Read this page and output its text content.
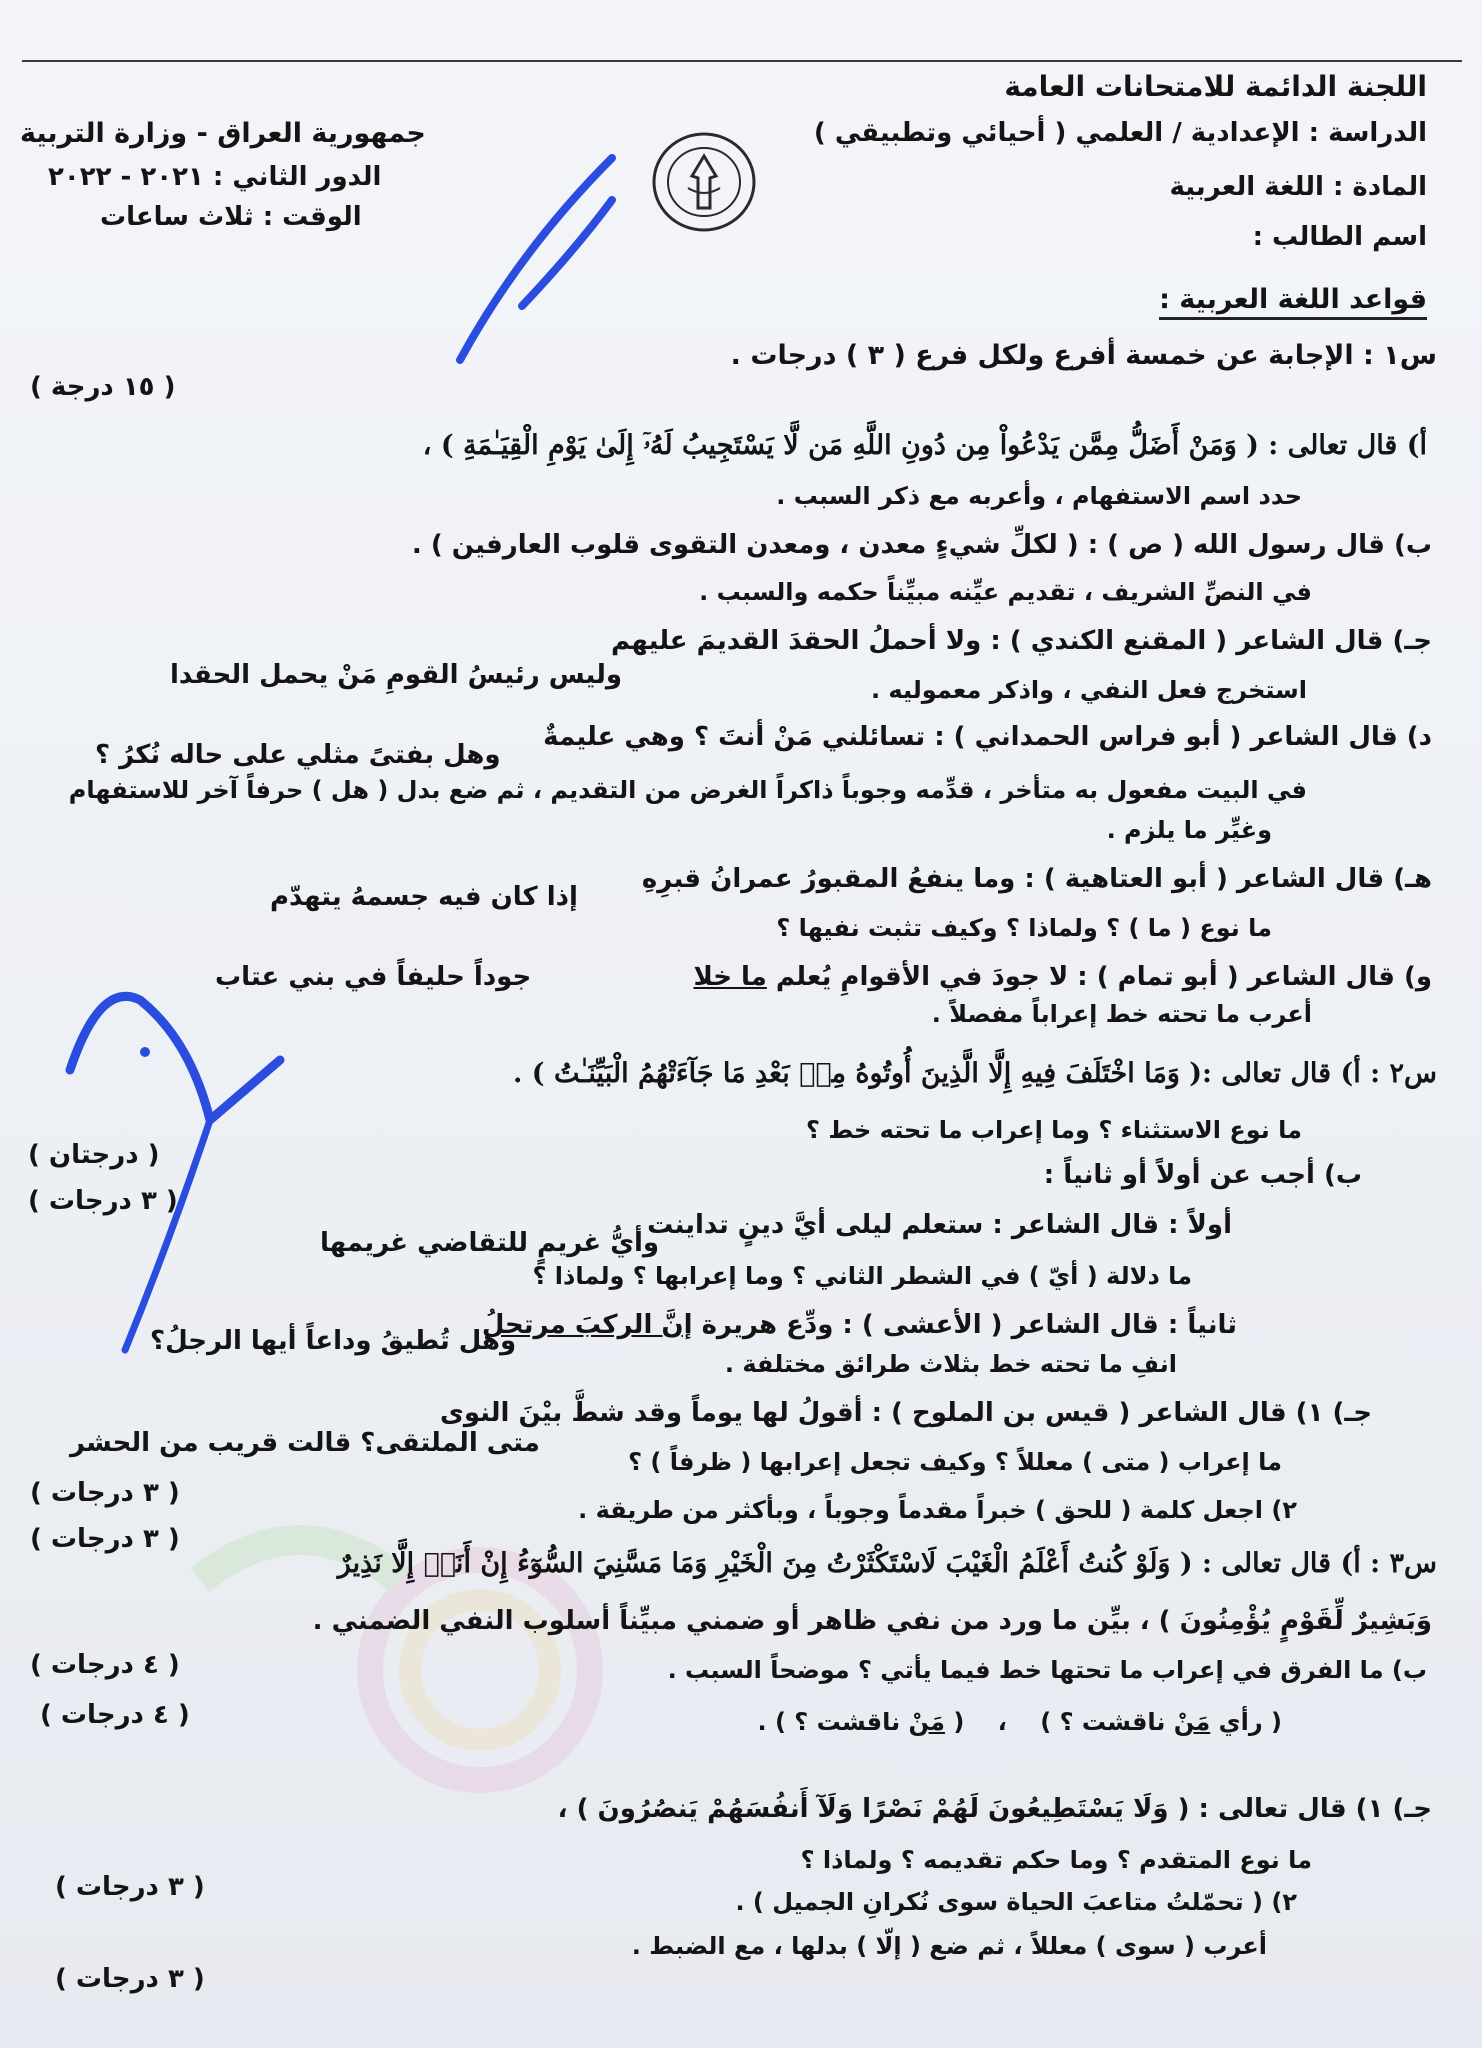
اللجنة الدائمة للامتحانات العامة
الدراسة : الإعدادية / العلمي ( أحيائي وتطبيقي )
المادة : اللغة العربية
اسم الطالب :
جمهورية العراق - وزارة التربية
الدور الثاني : ٢٠٢١ - ٢٠٢٢
الوقت : ثلاث ساعات
قواعد اللغة العربية :
س١ : الإجابة عن خمسة أفرع ولكل فرع ( ٣ ) درجات .
( ١٥ درجة )
أ) قال تعالى : ( وَمَنْ أَضَلُّ مِمَّن يَدْعُواْ مِن دُونِ اللَّهِ مَن لَّا يَسْتَجِيبُ لَهُۥٓ إِلَىٰ يَوْمِ الْقِيَـٰمَةِ ) ،
حدد اسم الاستفهام ، وأعربه مع ذكر السبب .
ب) قال رسول الله ( ص ) : ( لكلِّ شيءٍ معدن ، ومعدن التقوى قلوب العارفين ) .
في النصِّ الشريف ، تقديم عيِّنه مبيِّناً حكمه والسبب .
جـ) قال الشاعر ( المقنع الكندي ) : ولا أحملُ الحقدَ القديمَ عليهم
وليس رئيسُ القومِ مَنْ يحمل الحقدا	استخرج فعل النفي ، واذكر معموليه .
د) قال الشاعر ( أبو فراس الحمداني ) : تسائلني مَنْ أنتَ ؟ وهي عليمةٌ
وهل بفتىً مثلي على حاله نُكرُ ؟
في البيت مفعول به متأخر ، قدِّمه وجوباً ذاكراً الغرض من التقديم ، ثم ضع بدل ( هل ) حرفاً آخر للاستفهام
وغيِّر ما يلزم .
هـ) قال الشاعر ( أبو العتاهية ) : وما ينفعُ المقبورُ عمرانُ قبرِهِ
إذا كان فيه جسمهُ يتهدّم
ما نوع ( ما ) ؟ ولماذا ؟ وكيف تثبت نفيها ؟
و) قال الشاعر ( أبو تمام ) : لا جودَ في الأقوامِ يُعلم ما خلا
جوداً حليفاً في بني عتاب
أعرب ما تحته خط إعراباً مفصلاً .
س٢ : أ) قال تعالى :( وَمَا اخْتَلَفَ فِيهِ إِلَّا الَّذِينَ أُوتُوهُ مِنۢ بَعْدِ مَا جَآءَتْهُمُ الْبَيِّنَـٰتُ ) .
ما نوع الاستثناء ؟ وما إعراب ما تحته خط ؟
( درجتان )
ب) أجب عن أولاً أو ثانياً :
( ٣ درجات )
أولاً : قال الشاعر : ستعلم ليلى أيَّ دينٍ تداينت
وأيُّ غريمٍ للتقاضي غريمها
ما دلالة ( أيّ ) في الشطر الثاني ؟ وما إعرابها ؟ ولماذا ؟
ثانياً : قال الشاعر ( الأعشى ) : ودِّع هريرة إنَّ الركبَ مرتحلُ
وهل تُطيقُ وداعاً أيها الرجلُ؟
انفِ ما تحته خط بثلاث طرائق مختلفة .
جـ) ١) قال الشاعر ( قيس بن الملوح ) : أقولُ لها يوماً وقد شطَّ بيْنَ النوى
متى الملتقى؟ قالت قريب من الحشر
ما إعراب ( متى ) معللاً ؟ وكيف تجعل إعرابها ( ظرفاً ) ؟
( ٣ درجات )
٢) اجعل كلمة ( للحق ) خبراً مقدماً وجوباً ، وبأكثر من طريقة .
( ٣ درجات )
س٣ : أ) قال تعالى : ( وَلَوْ كُنتُ أَعْلَمُ الْغَيْبَ لَاسْتَكْثَرْتُ مِنَ الْخَيْرِ وَمَا مَسَّنِيَ السُّوٓءُ إِنْ أَنَا۠ إِلَّا نَذِيرٌ
وَبَشِيرٌ لِّقَوْمٍ يُؤْمِنُونَ ) ، بيِّن ما ورد من نفي ظاهر أو ضمني مبيِّناً أسلوب النفي الضمني .
( ٤ درجات )	ب) ما الفرق في إعراب ما تحتها خط فيما يأتي ؟ موضحاً السبب .
( ٤ درجات )	( رأي مَنْ ناقشت ؟ )    ،    ( مَنْ ناقشت ؟ ) .
جـ) ١) قال تعالى : ( وَلَا يَسْتَطِيعُونَ لَهُمْ نَصْرًا وَلَآ أَنفُسَهُمْ يَنصُرُونَ ) ،
ما نوع المتقدم ؟ وما حكم تقديمه ؟ ولماذا ؟
( ٣ درجات )	٢) ( تحمّلتُ متاعبَ الحياة سوى نُكرانِ الجميل ) .
أعرب ( سوى ) معللاً ، ثم ضع ( إلّا ) بدلها ، مع الضبط .
( ٣ درجات )
